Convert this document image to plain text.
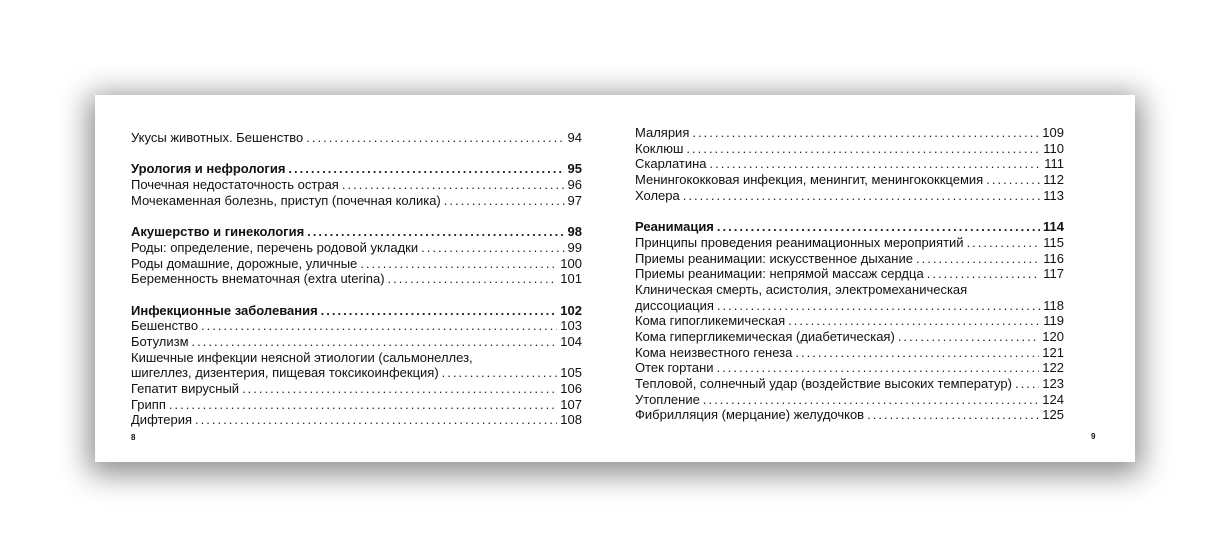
Укусы животных. Бешенство . . .	94
Урология и нефрология . . .	95
Почечная недостаточность острая . . .	96
Мочекаменная болезнь, приступ (почечная колика) . . .	97
Акушерство и гинекология . . .	98
Роды: определение, перечень родовой укладки . . .	99
Роды домашние, дорожные, уличные . . .	100
Беременность внематочная (extra uterina) . . .	101
Инфекционные заболевания . . .	102
Бешенство . . .	103
Ботулизм . . .	104
Кишечные инфекции неясной этиологии (сальмонеллез,
шигеллез, дизентерия, пищевая токсикоинфекция) . . .	105
Гепатит вирусный . . .	106
Грипп . . .	107
Дифтерия . . .	108
Малярия . . .	109
Коклюш . . .	110
Скарлатина . . .	111
Менингококковая инфекция, менингит, менингококкцемия . . .	112
Холера . . .	113
Реанимация . . .	114
Принципы проведения реанимационных мероприятий . . .	115
Приемы реанимации: искусственное дыхание . . .	116
Приемы реанимации: непрямой массаж сердца . . .	117
Клиническая смерть, асистолия, электромеханическая
диссоциация . . .	118
Кома гипогликемическая . . .	119
Кома гипергликемическая (диабетическая) . . .	120
Кома неизвестного генеза . . .	121
Отек гортани . . .	122
Тепловой, солнечный удар (воздействие высоких температур) . . . 123
Утопление . . .	124
Фибрилляция (мерцание) желудочков . . .	125
8	9
